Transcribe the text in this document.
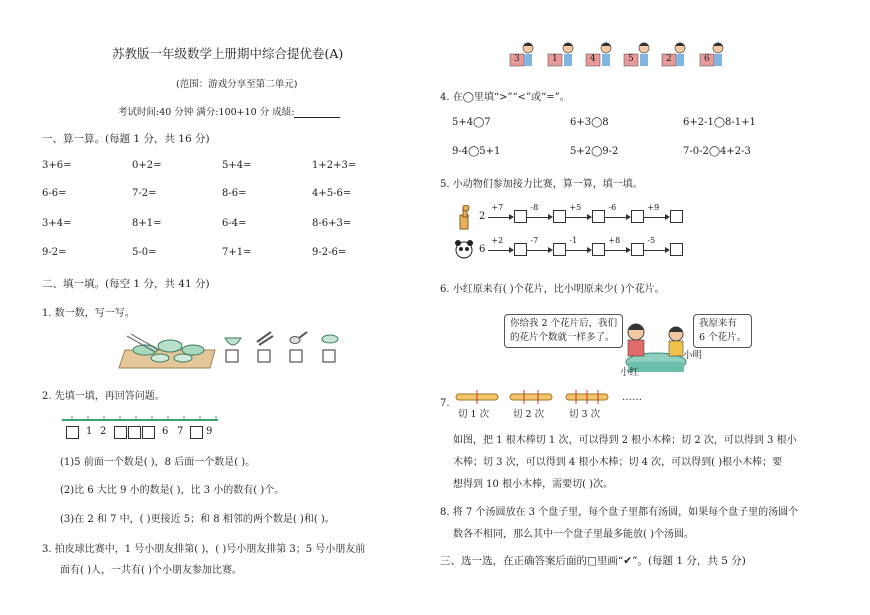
苏教版一年级数学上册期中综合提优卷(A)
(范围：游戏分享至第二单元)
考试时间:40 分钟 满分:100+10 分 成绩:
一、算一算。(每题 1 分，共 16 分)
3+6=	0+2=	5+4=	1+2+3=
6-6=	7-2=	8-6=	4+5-6=
3+4=	8+1=	6-4=	8-6+3=
9-2=	5-0=	7+1=	9-2-6=
二、填一填。(每空 1 分，共 41 分)
1. 数一数，写一写。
2. 先填一填，再回答问题。
1 2	6 7 9
(1)5 前面一个数是( )，8 后面一个数是( )。
(2)比 6 大比 9 小的数是( )，比 3 小的数有( )个。
(3)在 2 和 7 中，( )更接近 5；和 8 相邻的两个数是( )和( )。
3. 拍皮球比赛中，1 号小朋友排第( )，( )号小朋友排第 3；5 号小朋友前
面有( )人，一共有( )个小朋友参加比赛。
3	1	4	5	2	6
4. 在◯里填“>”“<”或“=”。
5+4◯7	6+3◯8	6+2-1◯8-1+1
9-4◯5+1	5+2◯9-2	7-0-2◯4+2-3
5. 小动物们参加接力比赛，算一算，填一填。
2
+7	-8	+5	-6	+9
6
+2	-7	-1	+8	-5
6. 小红原来有( )个花片，比小明原来少( )个花片。
你给我 2 个花片后，我们
的花片个数就一样多了。
我原来有
6 个花片。
小红
小明
7.
……
切 1 次	切 2 次	切 3 次
如图，把 1 根木棒切 1 次，可以得到 2 根小木棒；切 2 次，可以得到 3 根小
木棒；切 3 次，可以得到 4 根小木棒；切 4 次，可以得到( )根小木棒；要
想得到 10 根小木棒，需要切( )次。
8. 将 7 个汤圆放在 3 个盘子里，每个盘子里都有汤圆，如果每个盘子里的汤圆个
数各不相同，那么其中一个盘子里最多能放( )个汤圆。
三、选一选，在正确答案后面的□里画“✔”。(每题 1 分，共 5 分)
